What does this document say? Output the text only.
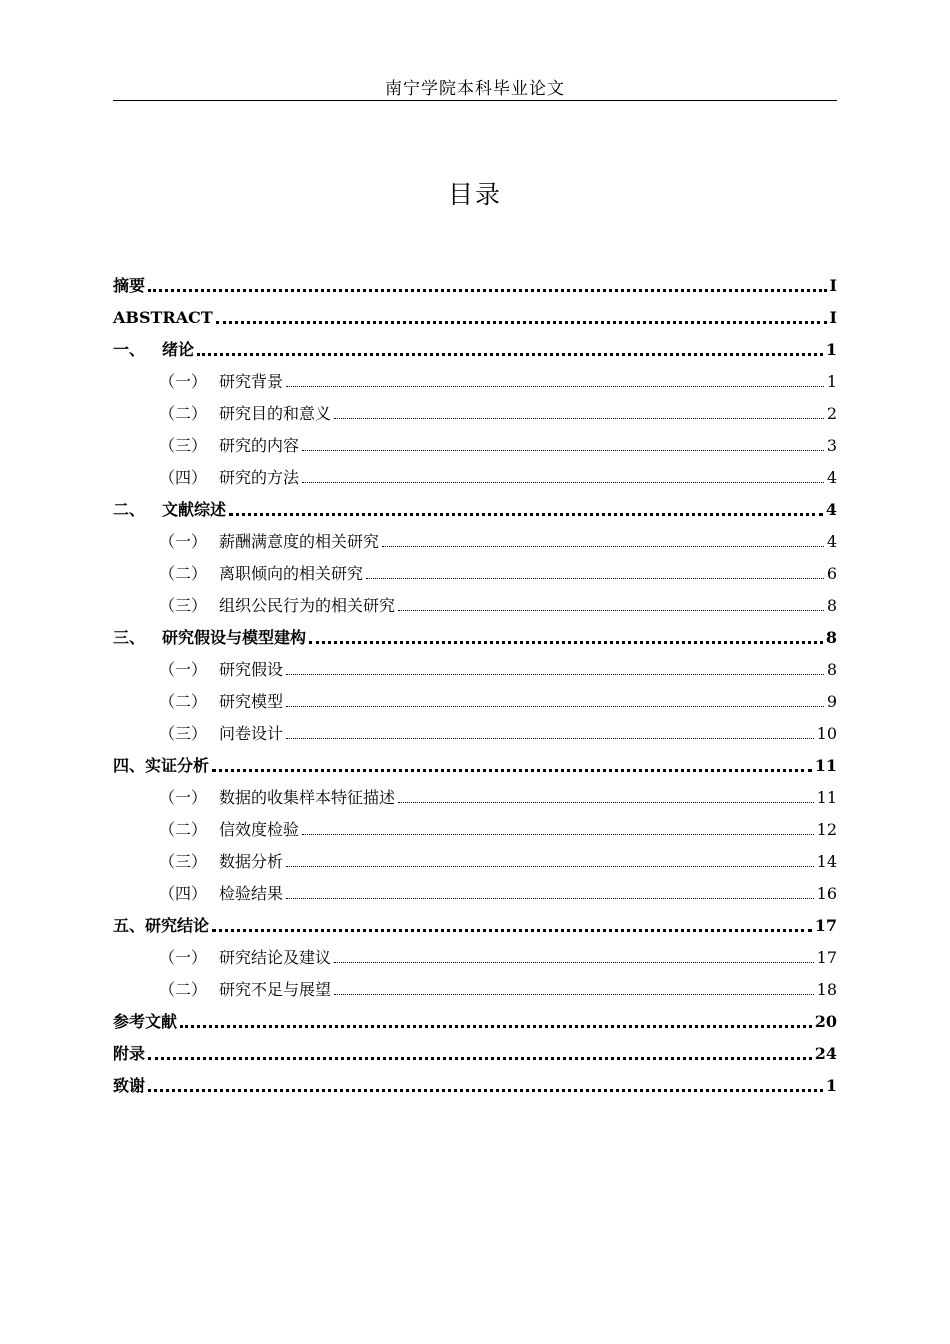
南宁学院本科毕业论文
目录
摘要	I
ABSTRACT	I
一、	绪论	1
（一） 研究背景	1
（二） 研究目的和意义	2
（三） 研究的内容	3
（四） 研究的方法	4
二、	文献综述	4
（一） 薪酬满意度的相关研究	4
（二） 离职倾向的相关研究	6
（三） 组织公民行为的相关研究	8
三、	研究假设与模型建构	8
（一） 研究假设	8
（二） 研究模型	9
（三） 问卷设计	10
四、 实证分析	11
（一） 数据的收集样本特征描述	11
（二） 信效度检验	12
（三） 数据分析	14
（四） 检验结果	16
五、 研究结论	17
（一） 研究结论及建议	17
（二） 研究不足与展望	18
参考文献	20
附录	24
致谢	1
